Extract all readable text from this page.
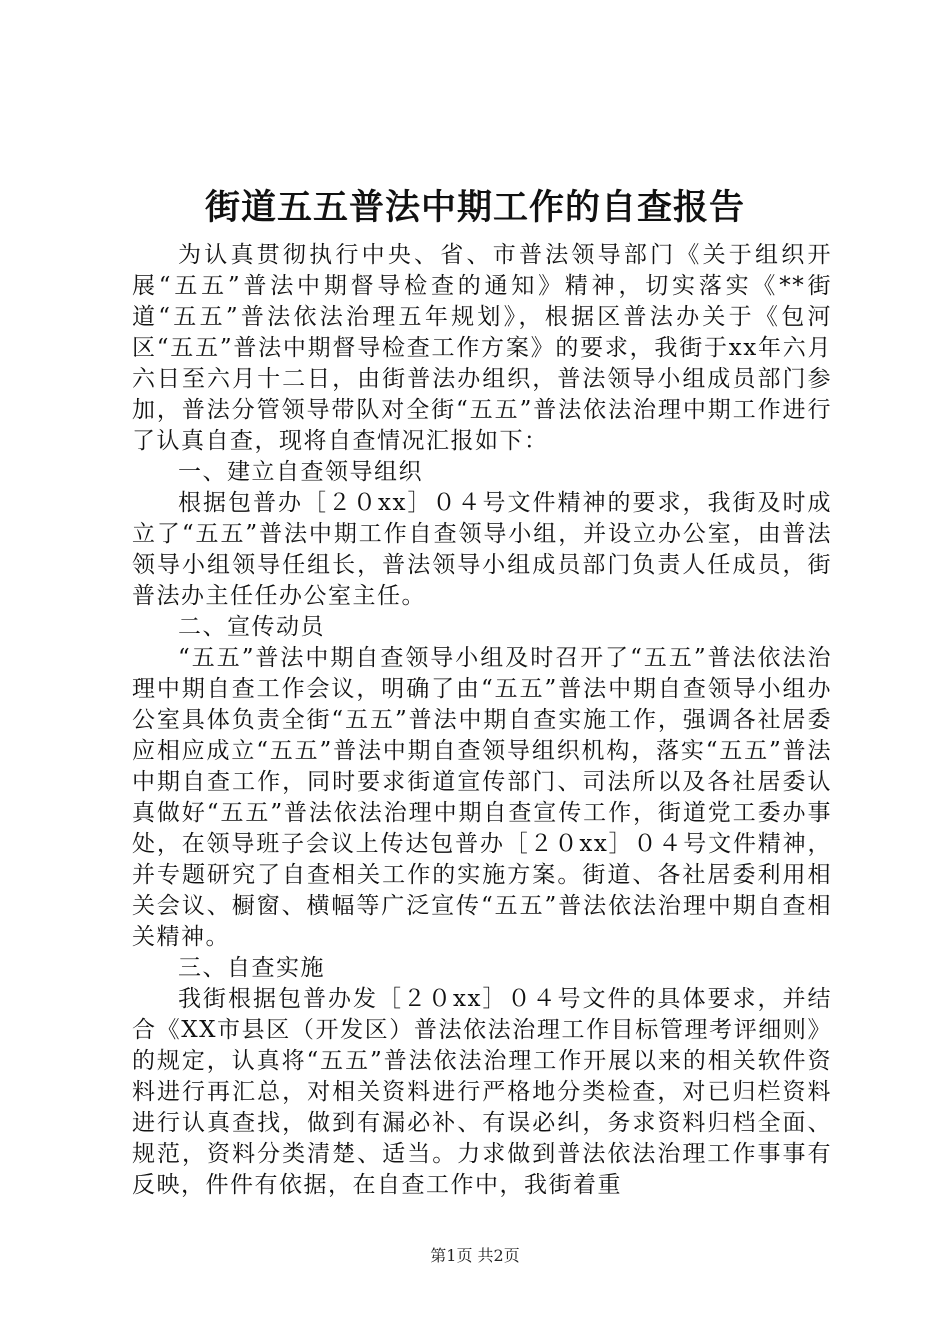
街道五五普法中期工作的自查报告

为认真贯彻执行中央、省、市普法领导部门《关于组织开展“五五”普法中期督导检查的通知》精神，切实落实《**街道“五五”普法依法治理五年规划》，根据区普法办关于《包河区“五五”普法中期督导检查工作方案》的要求，我街于xx年六月六日至六月十二日，由街普法办组织，普法领导小组成员部门参加，普法分管领导带队对全街“五五”普法依法治理中期工作进行了认真自查，现将自查情况汇报如下：

一、建立自查领导组织

根据包普办［２０xx］０４号文件精神的要求，我街及时成立了“五五”普法中期工作自查领导小组，并设立办公室，由普法领导小组领导任组长，普法领导小组成员部门负责人任成员，街普法办主任任办公室主任。

二、宣传动员

“五五”普法中期自查领导小组及时召开了“五五”普法依法治理中期自查工作会议，明确了由“五五”普法中期自查领导小组办公室具体负责全街“五五”普法中期自查实施工作，强调各社居委应相应成立“五五”普法中期自查领导组织机构，落实“五五”普法中期自查工作，同时要求街道宣传部门、司法所以及各社居委认真做好“五五”普法依法治理中期自查宣传工作，街道党工委办事处，在领导班子会议上传达包普办［２０xx］０４号文件精神，并专题研究了自查相关工作的实施方案。街道、各社居委利用相关会议、橱窗、横幅等广泛宣传“五五”普法依法治理中期自查相关精神。

三、自查实施

我街根据包普办发［２０xx］０４号文件的具体要求，并结合《XX市县区（开发区）普法依法治理工作目标管理考评细则》的规定，认真将“五五”普法依法治理工作开展以来的相关软件资料进行再汇总，对相关资料进行严格地分类检查，对已归栏资料进行认真查找，做到有漏必补、有误必纠，务求资料归档全面、规范，资料分类清楚、适当。力求做到普法依法治理工作事事有反映，件件有依据，在自查工作中，我街着重

第1页 共2页
